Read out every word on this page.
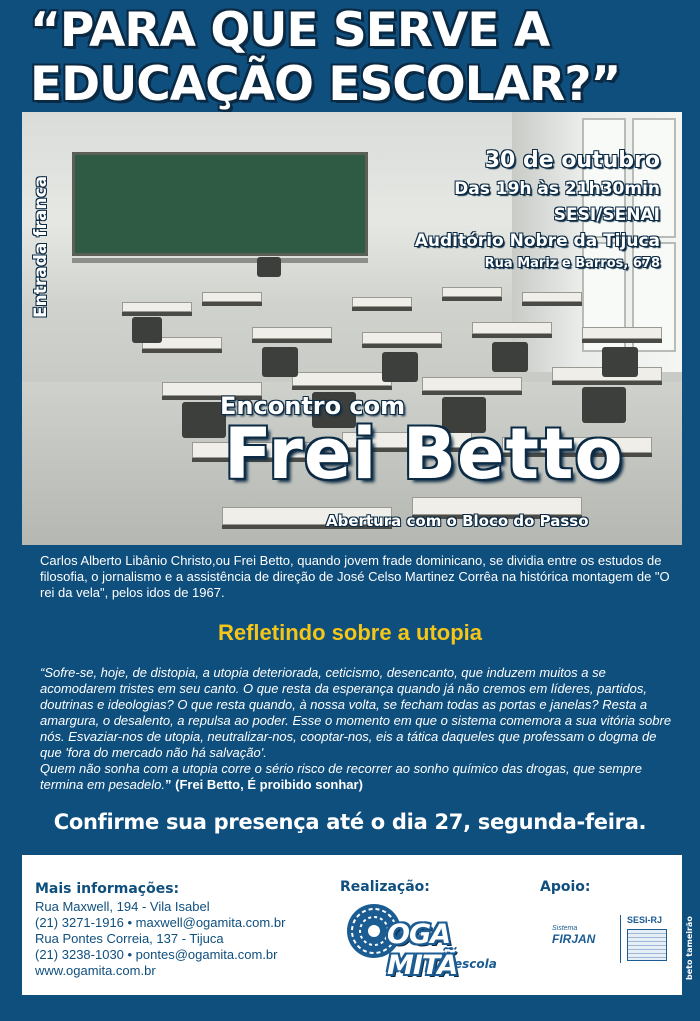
“PARA QUE SERVE A
EDUCAÇÃO ESCOLAR?”
Entrada franca
30 de outubro
Das 19h às 21h30min
SESI/SENAI
Auditório Nobre da Tijuca
Rua Mariz e Barros, 678
Encontro com
Frei Betto
Abertura com o Bloco do Passo

Carlos Alberto Libânio Christo,ou Frei Betto, quando jovem frade dominicano, se dividia entre os estudos de filosofia, o jornalismo e a assistência de direção de José Celso Martinez Corrêa na histórica montagem de "O rei da vela", pelos idos de 1967.

Refletindo sobre a utopia

“Sofre-se, hoje, de distopia, a utopia deteriorada, ceticismo, desencanto, que induzem muitos a se acomodarem tristes em seu canto. O que resta da esperança quando já não cremos em líderes, partidos, doutrinas e ideologias? O que resta quando, à nossa volta, se fecham todas as portas e janelas? Resta a amargura, o desalento, a repulsa ao poder. Esse o momento em que o sistema comemora a sua vitória sobre nós. Esvaziar-nos de utopia, neutralizar-nos, cooptar-nos, eis a tática daqueles que professam o dogma de que 'fora do mercado não há salvação'.
Quem não sonha com a utopia corre o sério risco de recorrer ao sonho químico das drogas, que sempre termina em pesadelo.” (Frei Betto, É proibido sonhar)

Confirme sua presença até o dia 27, segunda-feira.
Mais informações:
Rua Maxwell, 194 - Vila Isabel
(21) 3271-1916 • maxwell@ogamita.com.br
Rua Pontes Correia, 137 - Tijuca
(21) 3238-1030 • pontes@ogamita.com.br
www.ogamita.com.br
Realização:
OGA MITÃ
escola
Apoio:
Sistema
FIRJAN
SESI-RJ	beto tameirão
